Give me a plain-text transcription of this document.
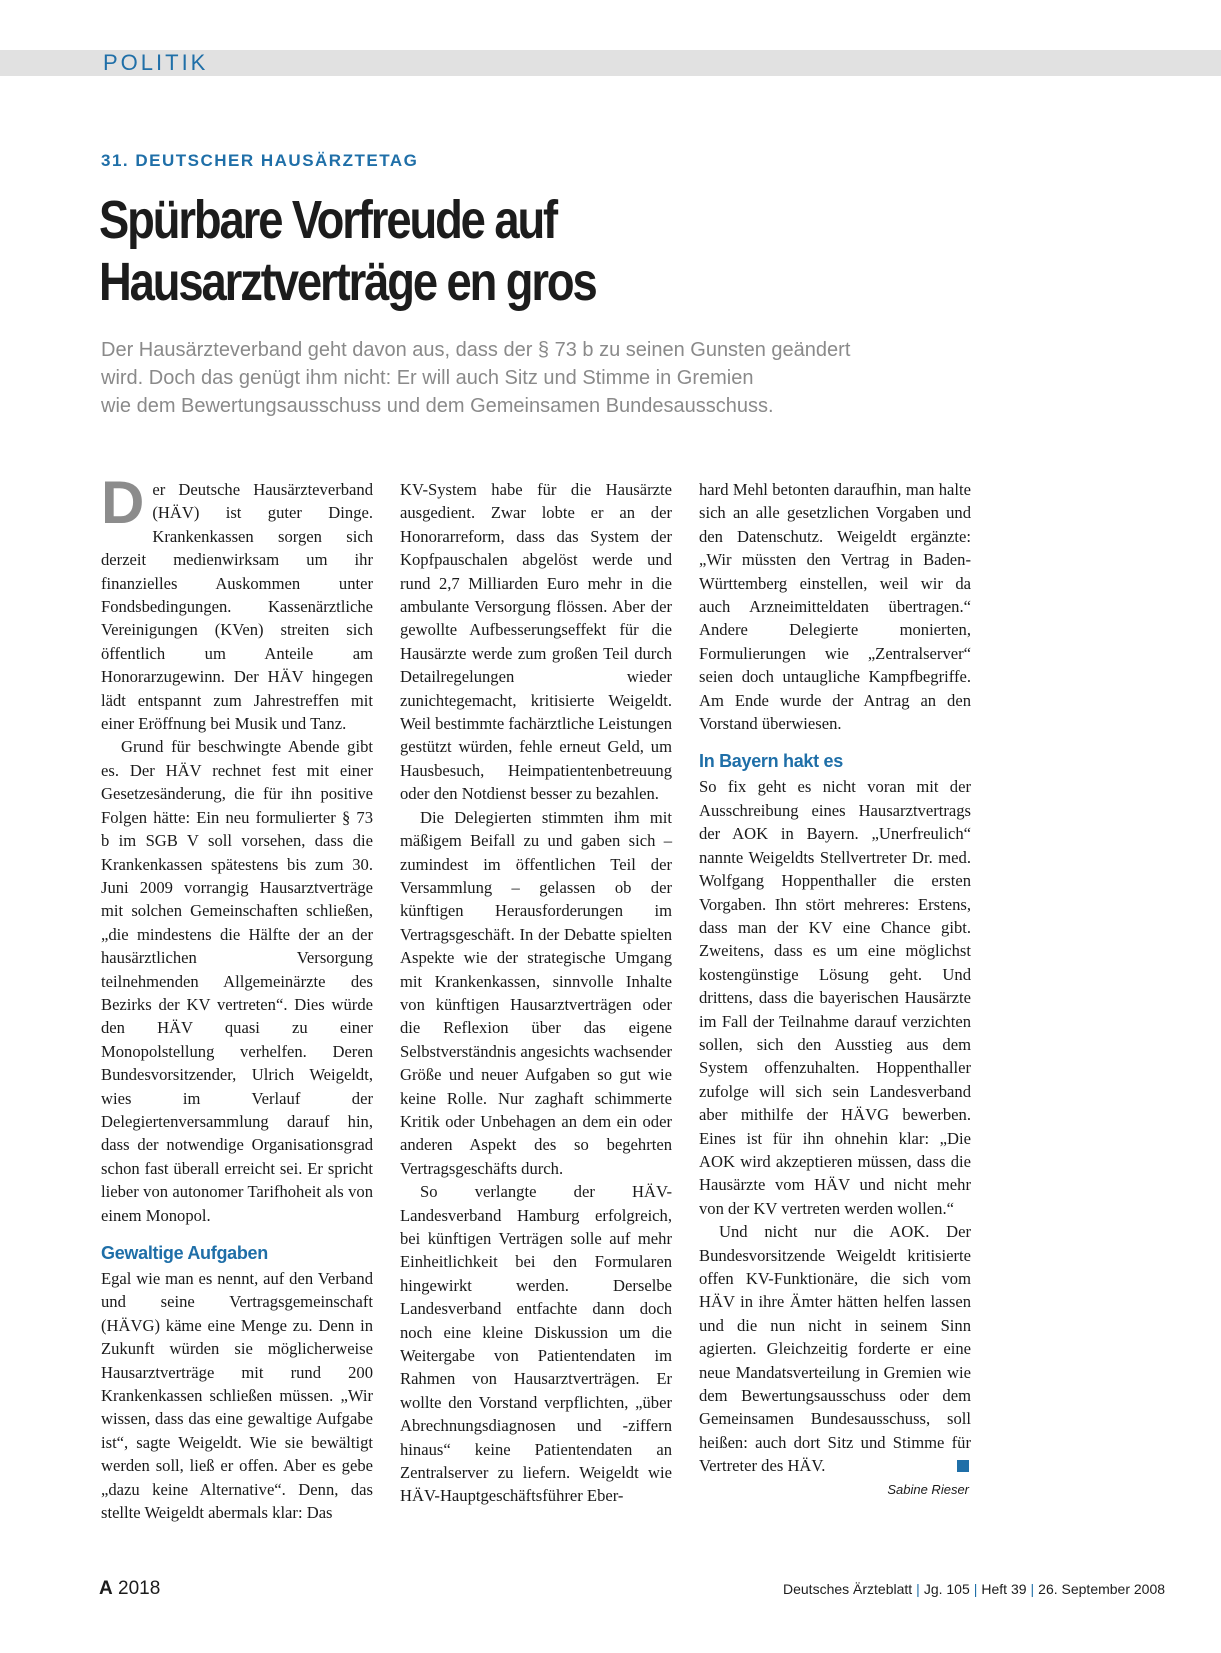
POLITIK
31. DEUTSCHER HAUSÄRZTETAG
Spürbare Vorfreude auf
Hausarztverträge en gros
Der Hausärzteverband geht davon aus, dass der § 73 b zu seinen Gunsten geändert
wird. Doch das genügt ihm nicht: Er will auch Sitz und Stimme in Gremien
wie dem Bewertungsausschuss und dem Gemeinsamen Bundesausschuss.

Der Deutsche Hausärzteverband (HÄV) ist guter Dinge. Krankenkassen sorgen sich derzeit medienwirksam um ihr finanzielles Auskommen unter Fondsbedingungen. Kassenärztliche Vereinigungen (KVen) streiten sich öffentlich um Anteile am Honorarzugewinn. Der HÄV hingegen lädt entspannt zum Jahrestreffen mit einer Eröffnung bei Musik und Tanz.

Grund für beschwingte Abende gibt es. Der HÄV rechnet fest mit einer Gesetzesänderung, die für ihn positive Folgen hätte: Ein neu formulierter § 73 b im SGB V soll vorsehen, dass die Krankenkassen spätestens bis zum 30. Juni 2009 vorrangig Hausarztverträge mit solchen Gemeinschaften schließen, „die mindestens die Hälfte der an der hausärztlichen Versorgung teilnehmenden Allgemeinärzte des Bezirks der KV vertreten“. Dies würde den HÄV quasi zu einer Monopolstellung verhelfen. Deren Bundesvorsitzender, Ulrich Weigeldt, wies im Verlauf der Delegiertenversammlung darauf hin, dass der notwendige Organisationsgrad schon fast überall erreicht sei. Er spricht lieber von autonomer Tarifhoheit als von einem Monopol.

Gewaltige Aufgaben

Egal wie man es nennt, auf den Verband und seine Vertragsgemeinschaft (HÄVG) käme eine Menge zu. Denn in Zukunft würden sie möglicherweise Hausarztverträge mit rund 200 Krankenkassen schließen müssen. „Wir wissen, dass das eine gewaltige Aufgabe ist“, sagte Weigeldt. Wie sie bewältigt werden soll, ließ er offen. Aber es gebe „dazu keine Alternative“. Denn, das stellte Weigeldt abermals klar: Das

KV-System habe für die Hausärzte ausgedient. Zwar lobte er an der Honorarreform, dass das System der Kopfpauschalen abgelöst werde und rund 2,7 Milliarden Euro mehr in die ambulante Versorgung flössen. Aber der gewollte Aufbesserungseffekt für die Hausärzte werde zum großen Teil durch Detailregelungen wieder zunichtegemacht, kritisierte Weigeldt. Weil bestimmte fachärztliche Leistungen gestützt würden, fehle erneut Geld, um Hausbesuch, Heimpatientenbetreuung oder den Notdienst besser zu bezahlen.

Die Delegierten stimmten ihm mit mäßigem Beifall zu und gaben sich – zumindest im öffentlichen Teil der Versammlung – gelassen ob der künftigen Herausforderungen im Vertragsgeschäft. In der Debatte spielten Aspekte wie der strategische Umgang mit Krankenkassen, sinnvolle Inhalte von künftigen Hausarztverträgen oder die Reflexion über das eigene Selbstverständnis angesichts wachsender Größe und neuer Aufgaben so gut wie keine Rolle. Nur zaghaft schimmerte Kritik oder Unbehagen an dem ein oder anderen Aspekt des so begehrten Vertragsgeschäfts durch.

So verlangte der HÄV-Landesverband Hamburg erfolgreich, bei künftigen Verträgen solle auf mehr Einheitlichkeit bei den Formularen hingewirkt werden. Derselbe Landesverband entfachte dann doch noch eine kleine Diskussion um die Weitergabe von Patientendaten im Rahmen von Hausarztverträgen. Er wollte den Vorstand verpflichten, „über Abrechnungsdiagnosen und -ziffern hinaus“ keine Patientendaten an Zentralserver zu liefern. Weigeldt wie HÄV-Hauptgeschäftsführer Eber-

hard Mehl betonten daraufhin, man halte sich an alle gesetzlichen Vorgaben und den Datenschutz. Weigeldt ergänzte: „Wir müssten den Vertrag in Baden-Württemberg einstellen, weil wir da auch Arzneimitteldaten übertragen.“ Andere Delegierte monierten, Formulierungen wie „Zentralserver“ seien doch untaugliche Kampfbegriffe. Am Ende wurde der Antrag an den Vorstand überwiesen.

In Bayern hakt es

So fix geht es nicht voran mit der Ausschreibung eines Hausarztvertrags der AOK in Bayern. „Unerfreulich“ nannte Weigeldts Stellvertreter Dr. med. Wolfgang Hoppenthaller die ersten Vorgaben. Ihn stört mehreres: Erstens, dass man der KV eine Chance gibt. Zweitens, dass es um eine möglichst kostengünstige Lösung geht. Und drittens, dass die bayerischen Hausärzte im Fall der Teilnahme darauf verzichten sollen, sich den Ausstieg aus dem System offenzuhalten. Hoppenthaller zufolge will sich sein Landesverband aber mithilfe der HÄVG bewerben. Eines ist für ihn ohnehin klar: „Die AOK wird akzeptieren müssen, dass die Hausärzte vom HÄV und nicht mehr von der KV vertreten werden wollen.“

Und nicht nur die AOK. Der Bundesvorsitzende Weigeldt kritisierte offen KV-Funktionäre, die sich vom HÄV in ihre Ämter hätten helfen lassen und die nun nicht in seinem Sinn agierten. Gleichzeitig forderte er eine neue Mandatsverteilung in Gremien wie dem Bewertungsausschuss oder dem Gemeinsamen Bundesausschuss, soll heißen: auch dort Sitz und Stimme für Vertreter des HÄV.

Sabine Rieser
A 2018	Deutsches Ärzteblatt | Jg. 105 | Heft 39 | 26. September 2008
